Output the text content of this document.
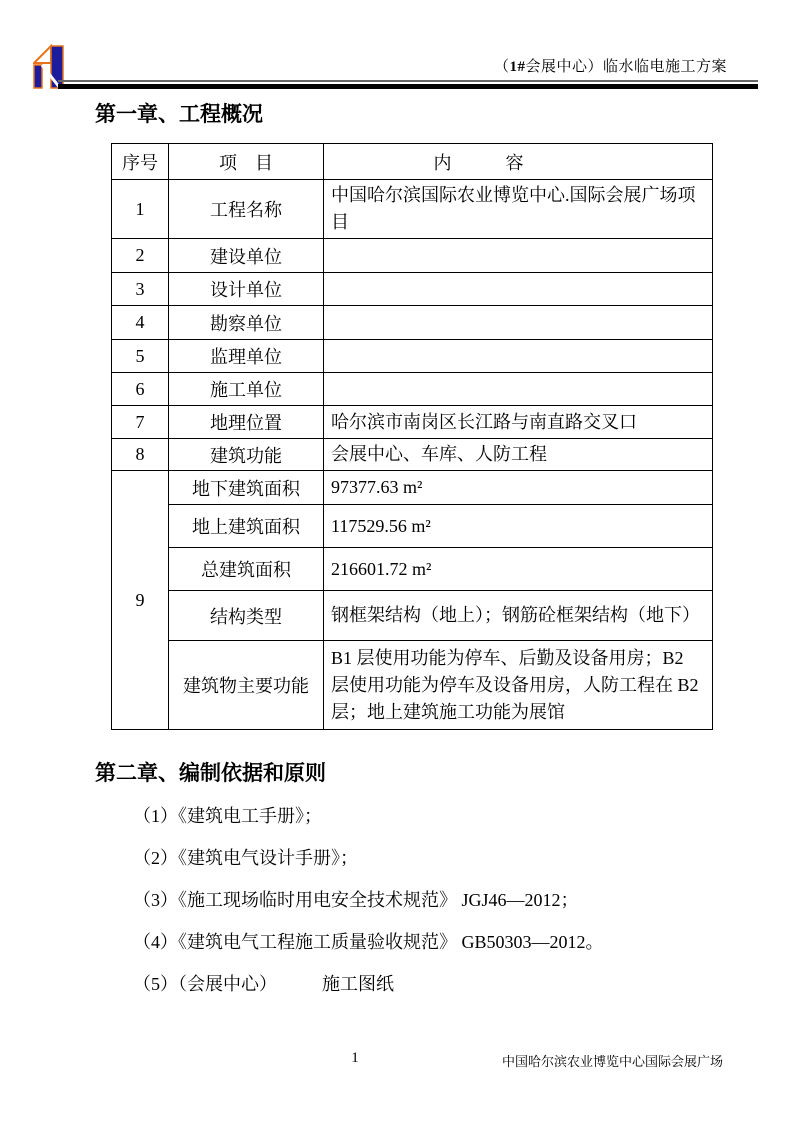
（1#会展中心）临水临电施工方案
第一章、工程概况
序号	项　目	内　　　容
1	工程名称	中国哈尔滨国际农业博览中心.国际会展广场项目
2	建设单位	
3	设计单位	
4	勘察单位	
5	监理单位	
6	施工单位	
7	地理位置	哈尔滨市南岗区长江路与南直路交叉口
8	建筑功能	会展中心、车库、人防工程
9	地下建筑面积	97377.63 m²
	地上建筑面积	117529.56 m²
	总建筑面积	216601.72 m²
	结构类型	钢框架结构（地上）；钢筋砼框架结构（地下）
	建筑物主要功能	B1 层使用功能为停车、后勤及设备用房；B2 层使用功能为停车及设备用房，人防工程在 B2 层；地上建筑施工功能为展馆
第二章、编制依据和原则
（1）《建筑电工手册》；
（2）《建筑电气设计手册》；
（3）《施工现场临时用电安全技术规范》 JGJ46—2012；
（4）《建筑电气工程施工质量验收规范》 GB50303—2012。
（5）（会展中心）　　　施工图纸
1	中国哈尔滨农业博览中心国际会展广场
